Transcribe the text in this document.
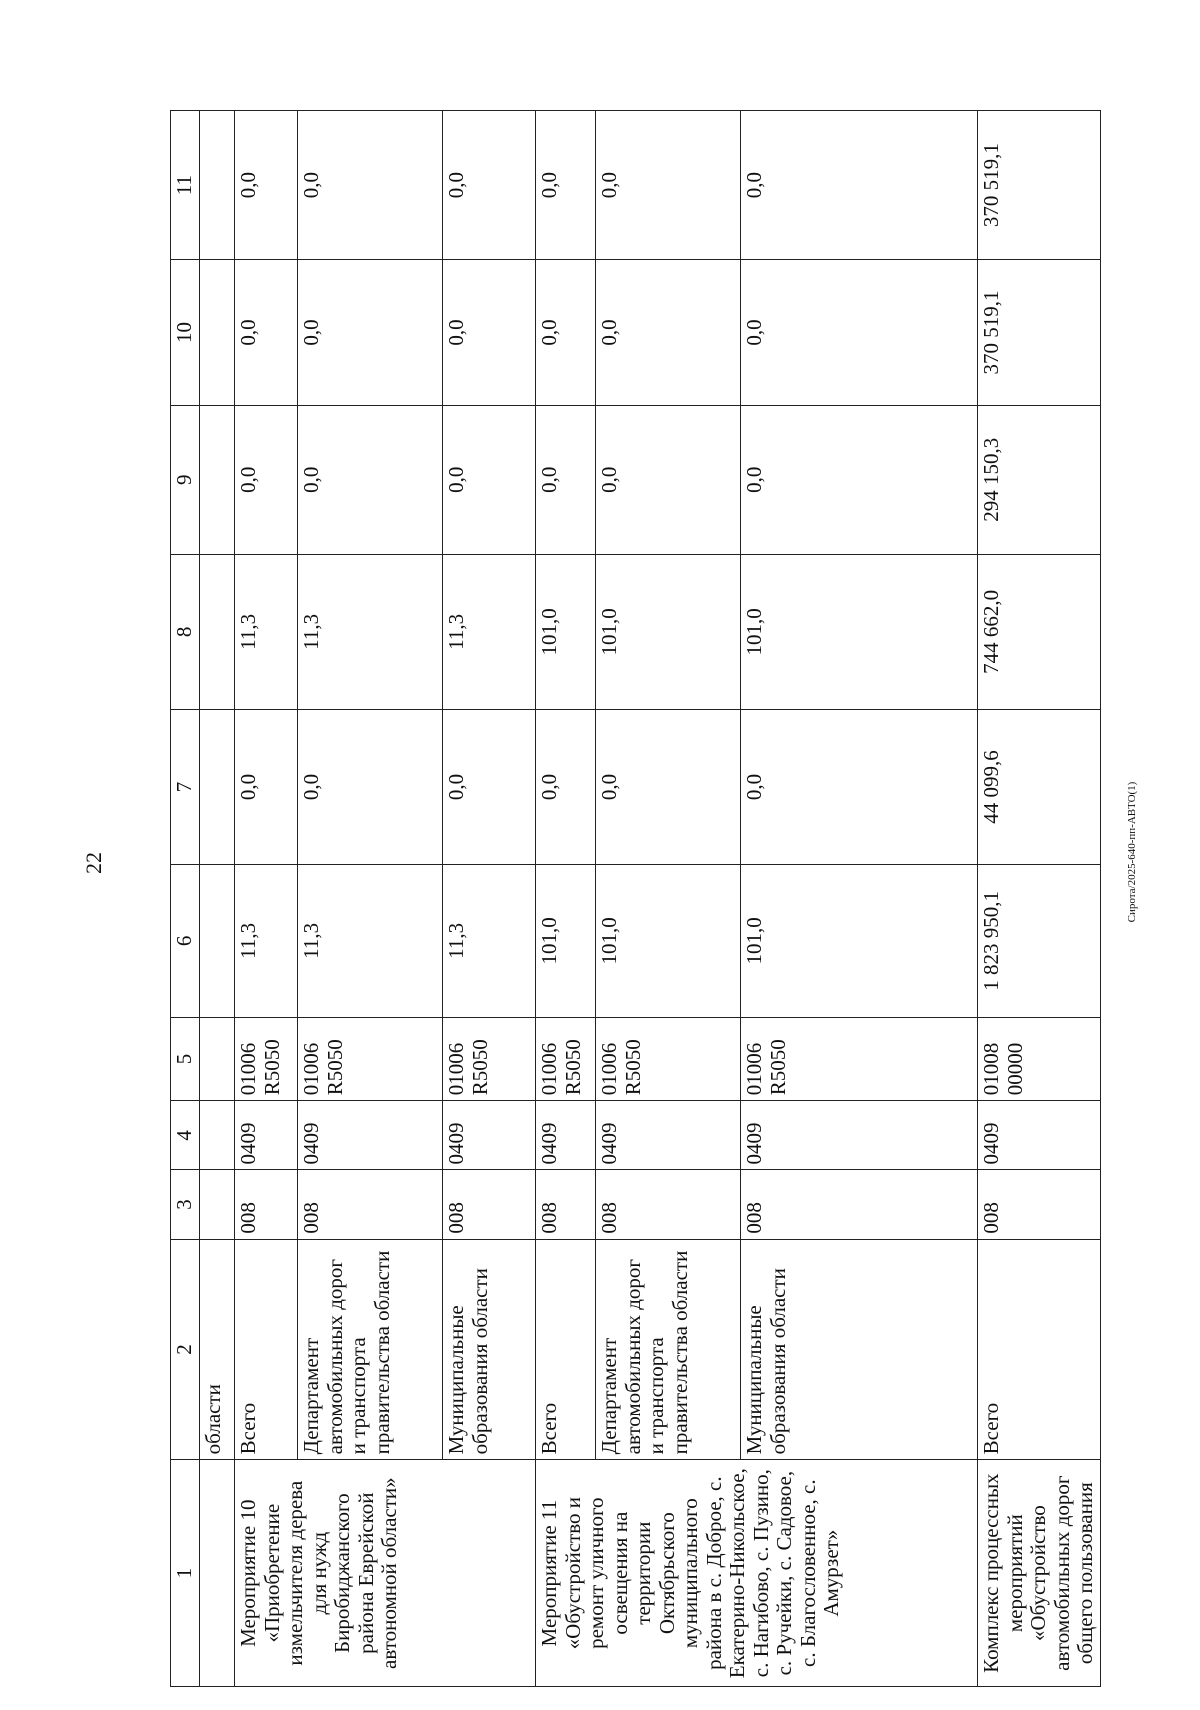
22	Сирота/2025-640-пп-АВТО(1)
1	2	3	4	5	6	7	8	9	10	11
	области									
Мероприятие 10 «Приобретение измельчителя дерева для нужд Биробиджанского района Еврейской автономной области»	Всего	008	0409	01006 R5050	11,3	0,0	11,3	0,0	0,0	0,0
	Департамент автомобильных дорог и транспорта правительства области	008	0409	01006 R5050	11,3	0,0	11,3	0,0	0,0	0,0
	Муниципальные образования области	008	0409	01006 R5050	11,3	0,0	11,3	0,0	0,0	0,0
Мероприятие 11 «Обустройство и ремонт уличного освещения на территории Октябрьского муниципального района в с. Доброе, с. Екатерино-Никольское, с. Нагибово, с. Пузино, с. Ручейки, с. Садовое, с. Благословенное, с. Амурзет»	Всего	008	0409	01006 R5050	101,0	0,0	101,0	0,0	0,0	0,0
	Департамент автомобильных дорог и транспорта правительства области	008	0409	01006 R5050	101,0	0,0	101,0	0,0	0,0	0,0
	Муниципальные образования области	008	0409	01006 R5050	101,0	0,0	101,0	0,0	0,0	0,0
Комплекс процессных мероприятий «Обустройство автомобильных дорог общего пользования	Всего	008	0409	01008 00000	1 823 950,1	44 099,6	744 662,0	294 150,3	370 519,1	370 519,1
